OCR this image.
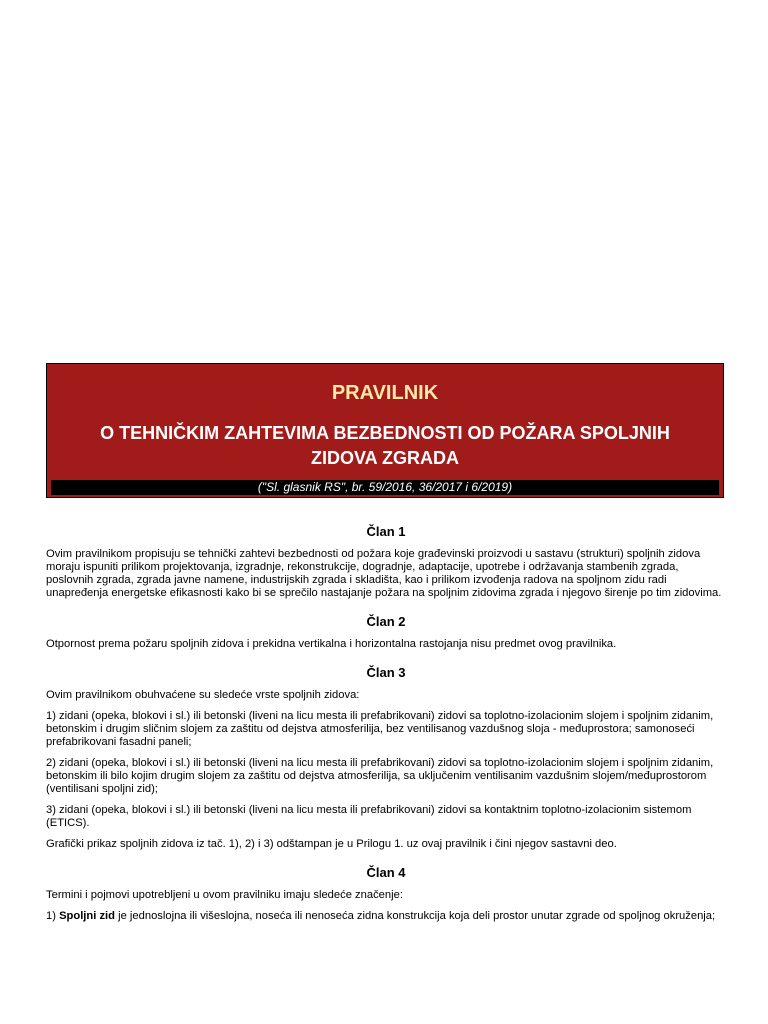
PRAVILNIK
O TEHNIČKIM ZAHTEVIMA BEZBEDNOSTI OD POŽARA SPOLJNIH ZIDOVA ZGRADA
("Sl. glasnik RS", br. 59/2016, 36/2017 i 6/2019)
Član 1
Ovim pravilnikom propisuju se tehnički zahtevi bezbednosti od požara koje građevinski proizvodi u sastavu (strukturi) spoljnih zidova moraju ispuniti prilikom projektovanja, izgradnje, rekonstrukcije, dogradnje, adaptacije, upotrebe i održavanja stambenih zgrada, poslovnih zgrada, zgrada javne namene, industrijskih zgrada i skladišta, kao i prilikom izvođenja radova na spoljnom zidu radi unapređenja energetske efikasnosti kako bi se sprečilo nastajanje požara na spoljnim zidovima zgrada i njegovo širenje po tim zidovima.
Član 2
Otpornost prema požaru spoljnih zidova i prekidna vertikalna i horizontalna rastojanja nisu predmet ovog pravilnika.
Član 3
Ovim pravilnikom obuhvaćene su sledeće vrste spoljnih zidova:
1) zidani (opeka, blokovi i sl.) ili betonski (liveni na licu mesta ili prefabrikovani) zidovi sa toplotno-izolacionim slojem i spoljnim zidanim, betonskim i drugim sličnim slojem za zaštitu od dejstva atmosferilija, bez ventilisanog vazdušnog sloja - međuprostora; samonoseći prefabrikovani fasadni paneli;
2) zidani (opeka, blokovi i sl.) ili betonski (liveni na licu mesta ili prefabrikovani) zidovi sa toplotno-izolacionim slojem i spoljnim zidanim, betonskim ili bilo kojim drugim slojem za zaštitu od dejstva atmosferilija, sa uključenim ventilisanim vazdušnim slojem/međuprostorom (ventilisani spoljni zid);
3) zidani (opeka, blokovi i sl.) ili betonski (liveni na licu mesta ili prefabrikovani) zidovi sa kontaktnim toplotno-izolacionim sistemom (ETICS).
Grafički prikaz spoljnih zidova iz tač. 1), 2) i 3) odštampan je u Prilogu 1. uz ovaj pravilnik i čini njegov sastavni deo.
Član 4
Termini i pojmovi upotrebljeni u ovom pravilniku imaju sledeće značenje:
1) Spoljni zid je jednoslojna ili višeslojna, noseća ili nenoseća zidna konstrukcija koja deli prostor unutar zgrade od spoljnog okruženja;
